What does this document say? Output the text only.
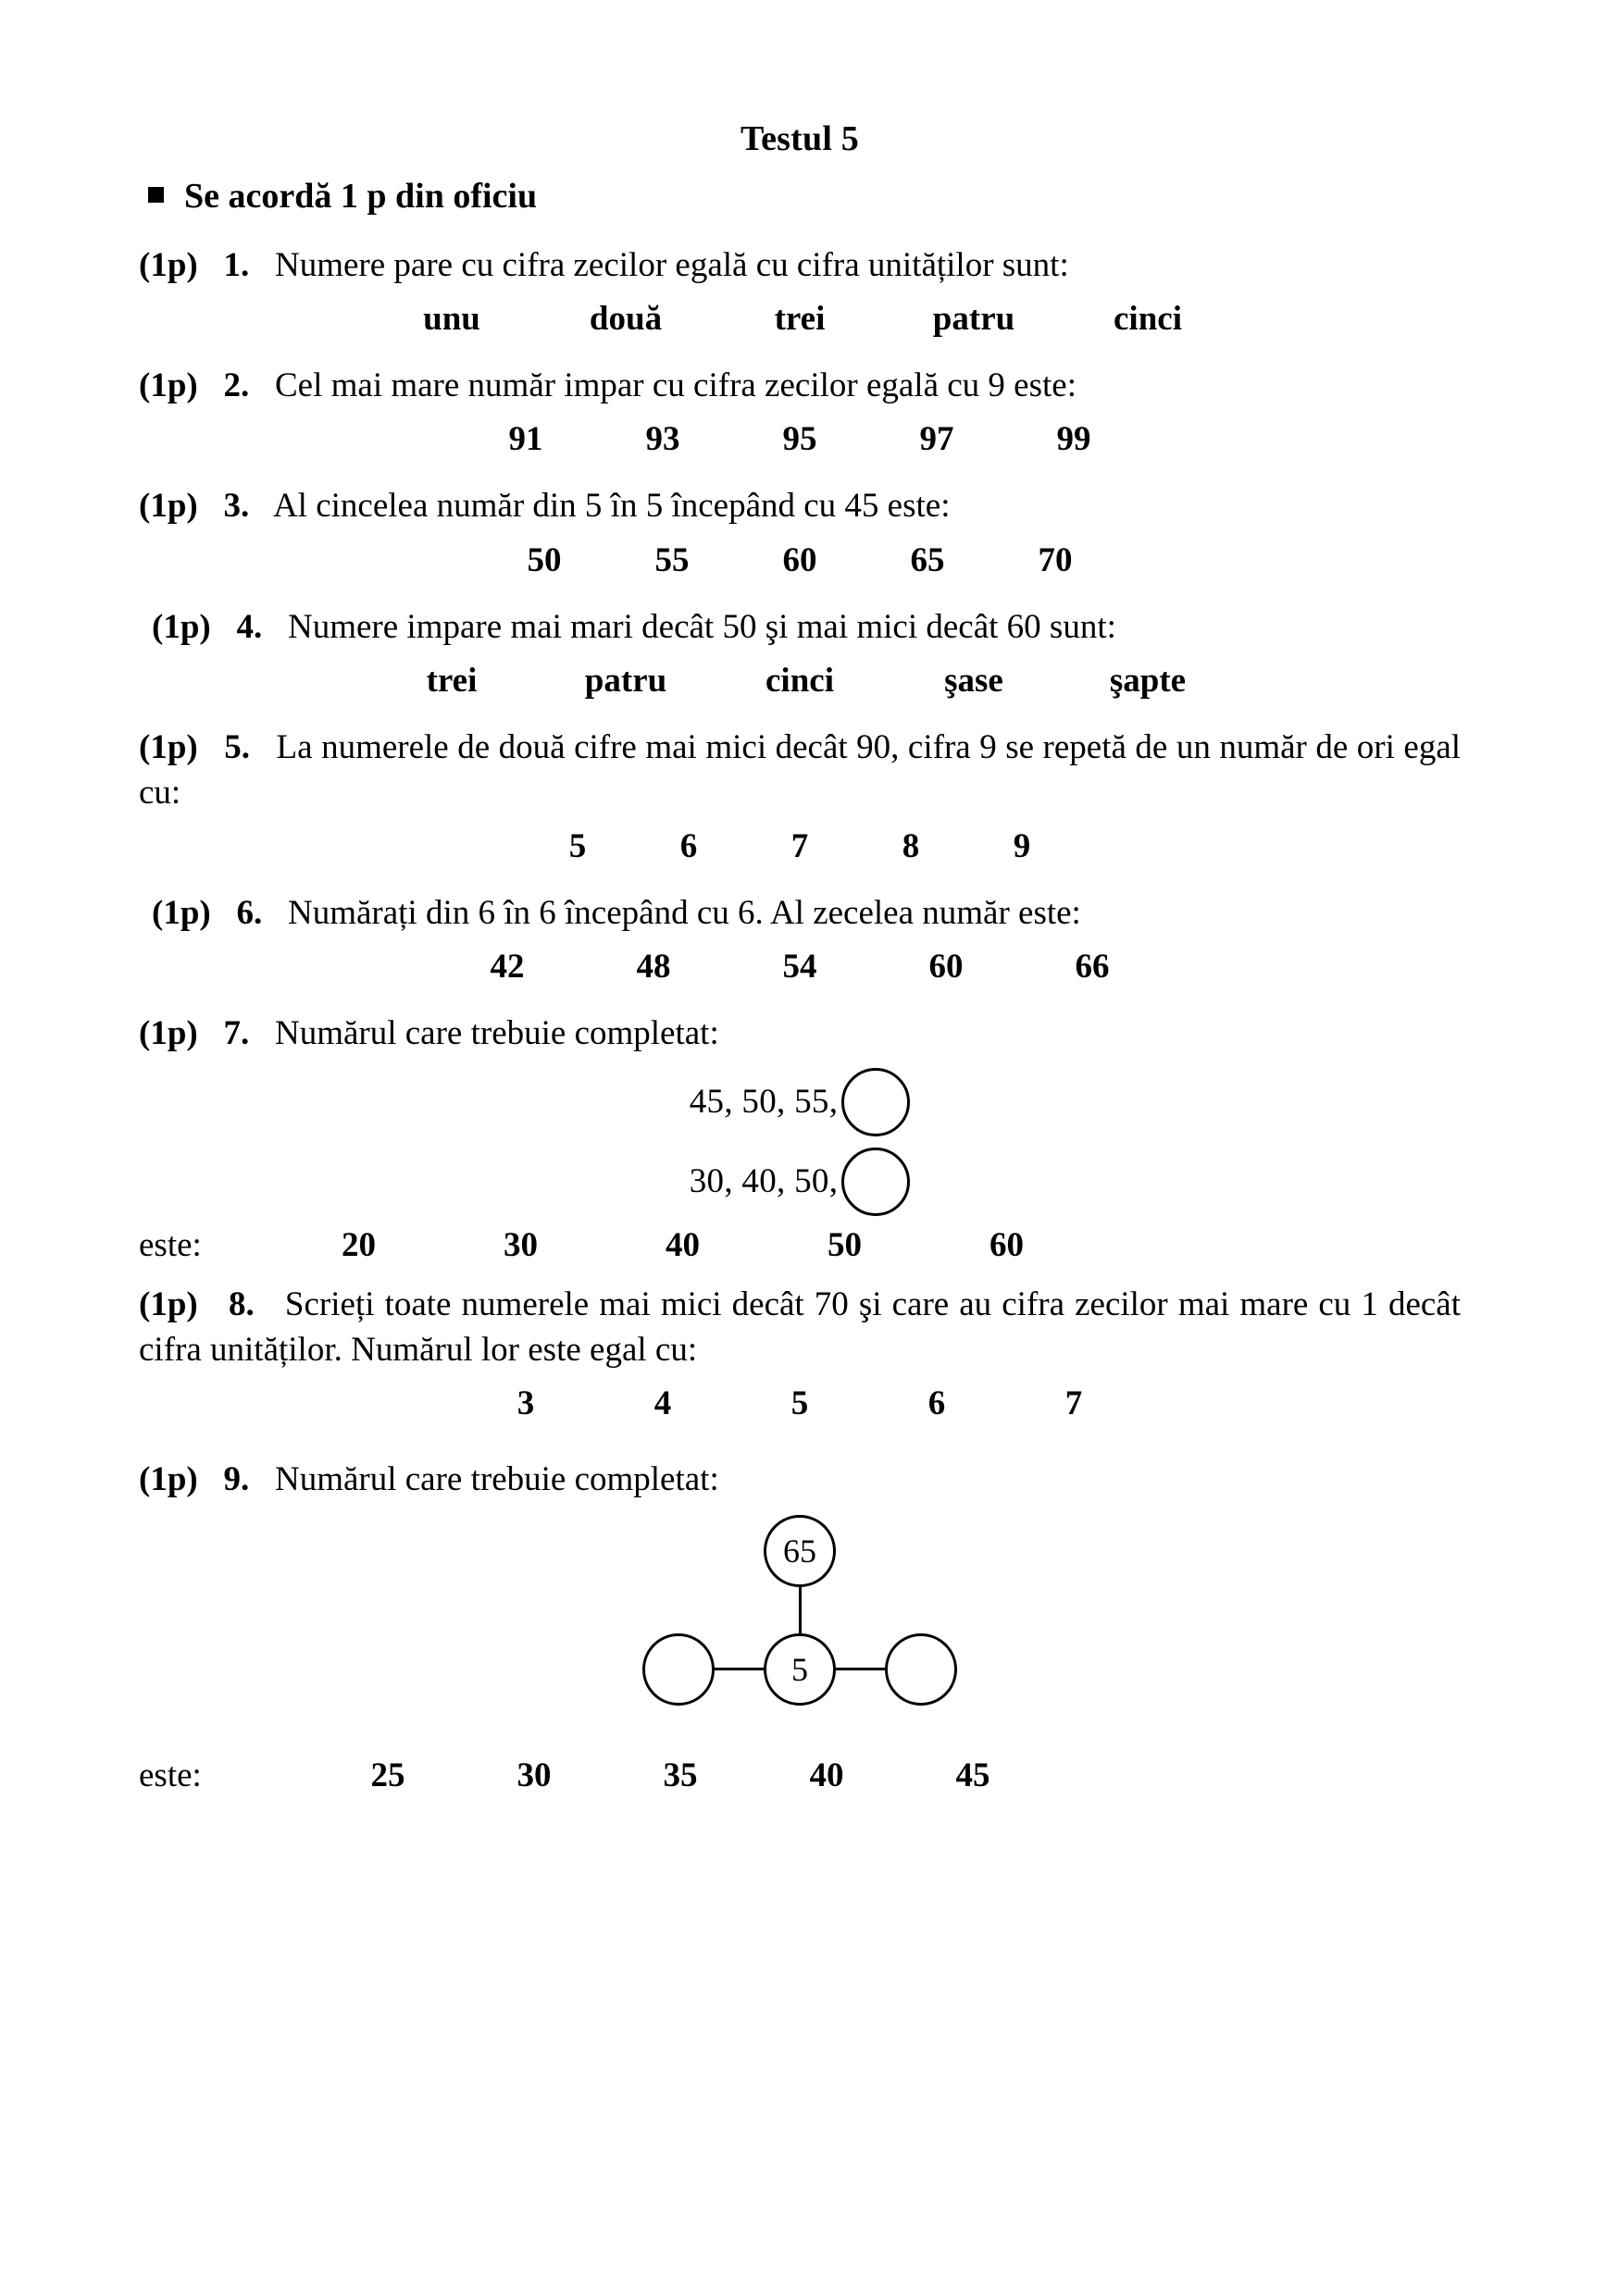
Testul 5
Se acordă 1 p din oficiu

(1p) 1. Numere pare cu cifra zecilor egală cu cifra unităților sunt:

unu	două	trei	patru	cinci

(1p) 2. Cel mai mare număr impar cu cifra zecilor egală cu 9 este:

91	93	95	97	99

(1p) 3. Al cincelea număr din 5 în 5 începând cu 45 este:

50	55	60	65	70

(1p) 4. Numere impare mai mari decât 50 şi mai mici decât 60 sunt:

trei	patru	cinci	şase	şapte

(1p) 5. La numerele de două cifre mai mici decât 90, cifra 9 se repetă de un număr de ori egal cu:

5	6	7	8	9

(1p) 6. Numărați din 6 în 6 începând cu 6. Al zecelea număr este:

42	48	54	60	66

(1p) 7. Numărul care trebuie completat:

45, 50, 55,
30, 40, 50,
este:	20	30	40	50	60

(1p) 8. Scrieți toate numerele mai mici decât 70 şi care au cifra zecilor mai mare cu 1 decât cifra unităților. Numărul lor este egal cu:

3	4	5	6	7

(1p) 9. Numărul care trebuie completat:

65
5
este:	25	30	35	40	45
